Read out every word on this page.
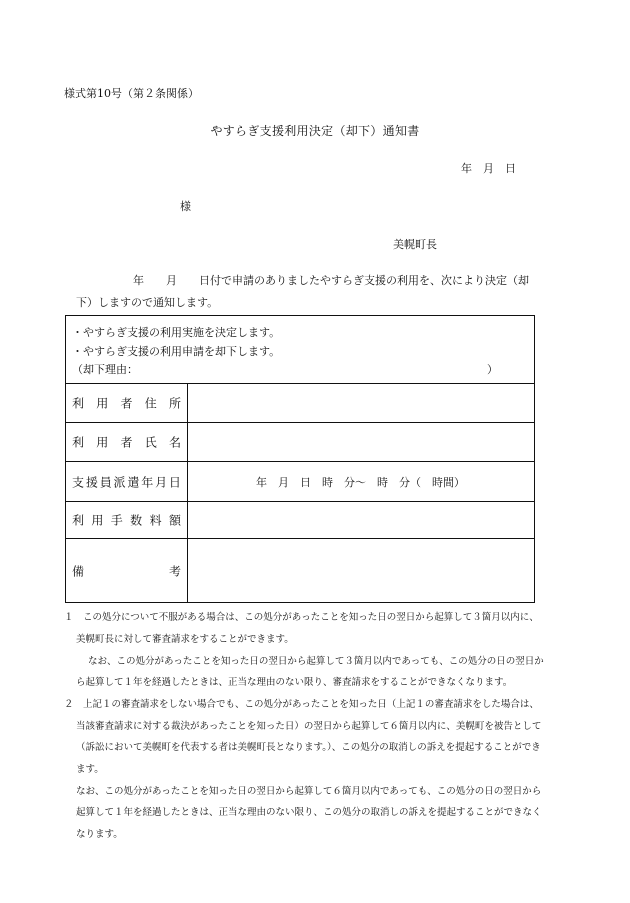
様式第10号（第２条関係）
やすらぎ支援利用決定（却下）通知書
年　月　日
様
美幌町長
年　　月　　日付で申請のありましたやすらぎ支援の利用を、次により決定（却
下）しますので通知します。
・やすらぎ支援の利用実施を決定します。
・やすらぎ支援の利用申請を却下します。
（却下理由：	）
利 用 者 住 所
利 用 者 氏 名
支 援 員 派 遣 年 月 日	年　月　日　時　分〜　時　分（　時間）
利 用 手 数 料 額
備	考
１　この処分について不服がある場合は、この処分があったことを知った日の翌日から起算して３箇月以内に、
美幌町長に対して審査請求をすることができます。
なお、この処分があったことを知った日の翌日から起算して３箇月以内であっても、この処分の日の翌日か
ら起算して１年を経過したときは、正当な理由のない限り、審査請求をすることができなくなります。
２　上記１の審査請求をしない場合でも、この処分があったことを知った日（上記１の審査請求をした場合は、
当該審査請求に対する裁決があったことを知った日）の翌日から起算して６箇月以内に、美幌町を被告として
（訴訟において美幌町を代表する者は美幌町長となります。）、この処分の取消しの訴えを提起することができ
ます。
なお、この処分があったことを知った日の翌日から起算して６箇月以内であっても、この処分の日の翌日から
起算して１年を経過したときは、正当な理由のない限り、この処分の取消しの訴えを提起することができなく
なります。
